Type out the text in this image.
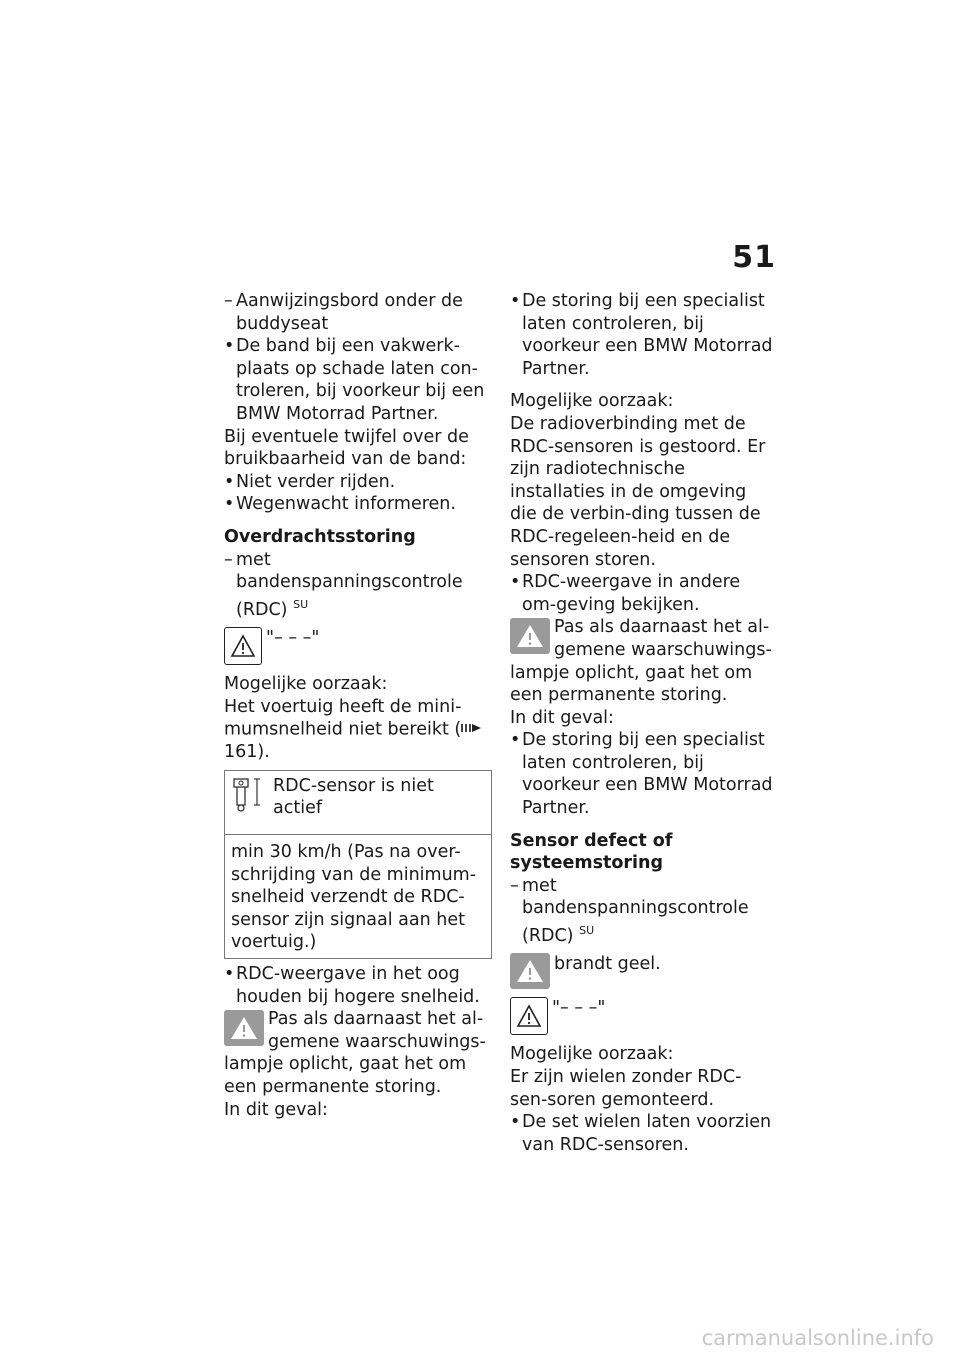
51
– Aanwijzingsbord onder de buddyseat
• De band bij een vakwerk-plaats op schade laten con-troleren, bij voorkeur bij een BMW Motorrad Partner.
Bij eventuele twijfel over de bruikbaarheid van de band:
• Niet verder rijden.
• Wegenwacht informeren.
Overdrachtsstoring
– met bandenspanningscontrole (RDC) $^{SU}$
"– – –"
Mogelijke oorzaak:
Het voertuig heeft de mini-mumsnelheid niet bereikt ( 161).
RDC-sensor is niet actief
min 30 km/h (Pas na over-schrijding van de minimum-snelheid verzendt de RDC-sensor zijn signaal aan het voertuig.)
• RDC-weergave in het oog houden bij hogere snelheid.
Pas als daarnaast het al-gemene waarschuwings-lampje oplicht, gaat het om een permanente storing.
In dit geval:
• De storing bij een specialist laten controleren, bij voorkeur een BMW Motorrad Partner.
Mogelijke oorzaak:
De radioverbinding met de RDC-sensoren is gestoord. Er zijn radiotechnische installaties in de omgeving die de verbin-ding tussen de RDC-regeleen-heid en de sensoren storen.
• RDC-weergave in andere om-geving bekijken.
Pas als daarnaast het al-gemene waarschuwings-lampje oplicht, gaat het om een permanente storing.
In dit geval:
• De storing bij een specialist laten controleren, bij voorkeur een BMW Motorrad Partner.
Sensor defect of systeemstoring
– met bandenspanningscontrole (RDC) $^{SU}$
brandt geel.
"– – –"
Mogelijke oorzaak:
Er zijn wielen zonder RDC-sen-soren gemonteerd.
• De set wielen laten voorzien van RDC-sensoren.
carmanualsonline.info
